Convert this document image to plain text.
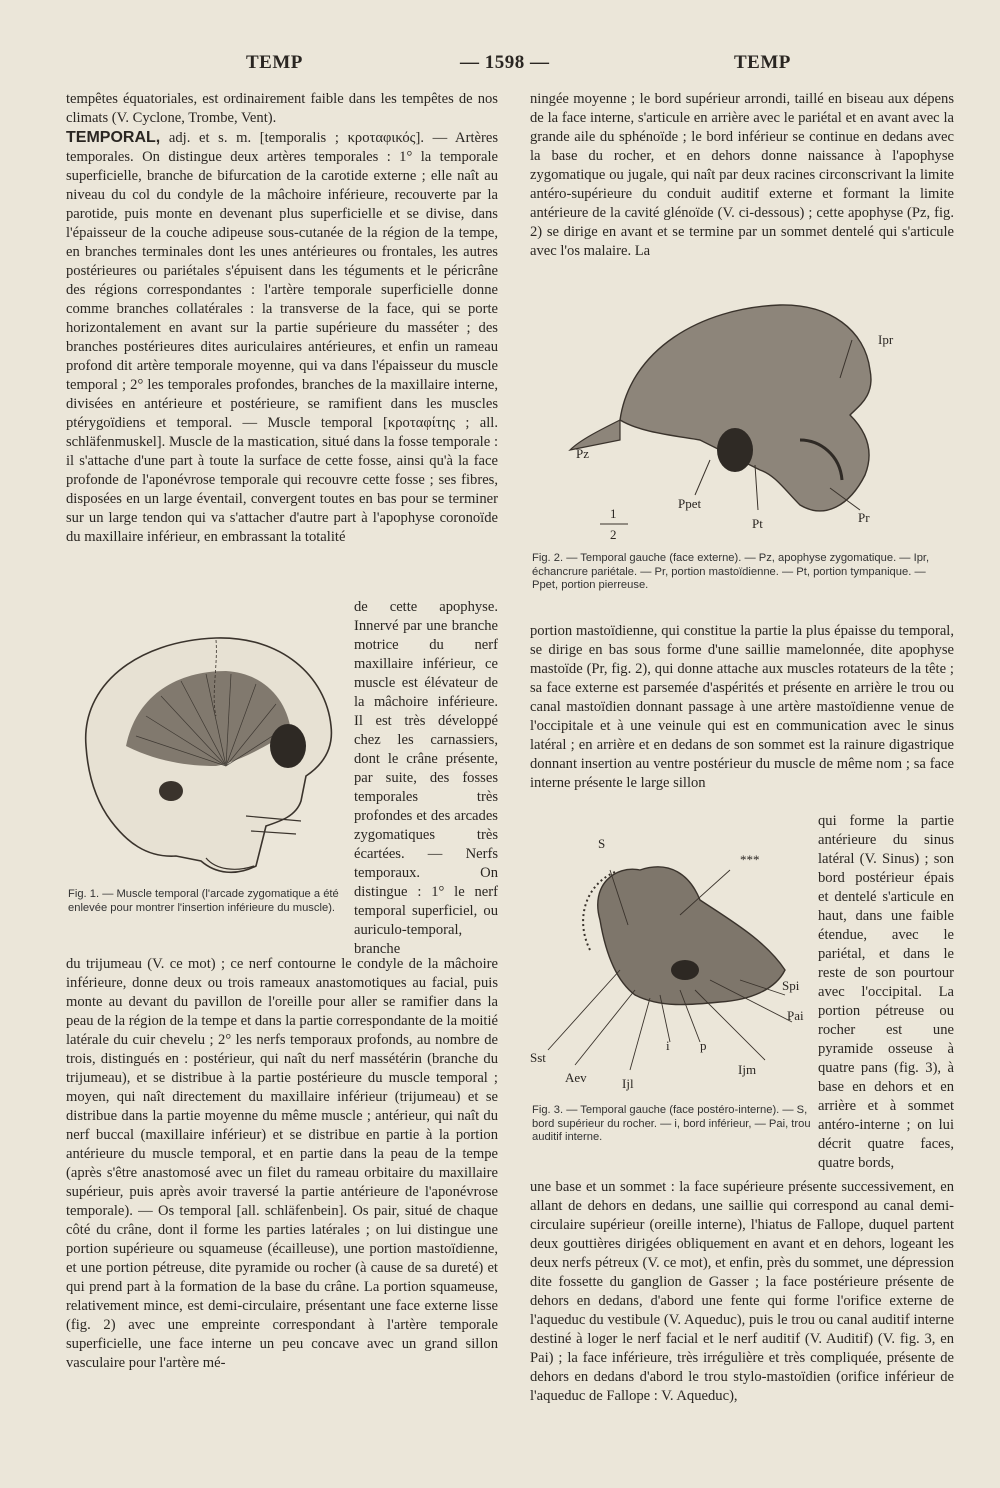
TEMP	— 1598 —	TEMP

tempêtes équatoriales, est ordinairement faible dans les tempêtes de nos climats (V. Cyclone, Trombe, Vent).

TEMPORAL, adj. et s. m. [temporalis ; κροταφικός]. — Artères temporales. On distingue deux artères temporales : 1° la temporale superficielle, branche de bifurcation de la carotide externe ; elle naît au niveau du col du condyle de la mâchoire inférieure, recouverte par la parotide, puis monte en devenant plus superficielle et se divise, dans l'épaisseur de la couche adipeuse sous-cutanée de la région de la tempe, en branches terminales dont les unes antérieures ou frontales, les autres postérieures ou pariétales s'épuisent dans les téguments et le péricrâne des régions correspondantes : l'artère temporale superficielle donne comme branches collatérales : la transverse de la face, qui se porte horizontalement en avant sur la partie supérieure du masséter ; des branches postérieures dites auriculaires antérieures, et enfin un rameau profond dit artère temporale moyenne, qui va dans l'épaisseur du muscle temporal ; 2° les temporales profondes, branches de la maxillaire interne, divisées en antérieure et postérieure, se ramifient dans les muscles ptérygoïdiens et temporal. — Muscle temporal [κροταφίτης ; all. schläfenmuskel]. Muscle de la mastication, situé dans la fosse temporale : il s'attache d'une part à toute la surface de cette fosse, ainsi qu'à la face profonde de l'aponévrose temporale qui recouvre cette fosse ; ses fibres, disposées en un large éventail, convergent toutes en bas pour se terminer sur un large tendon qui va s'attacher d'autre part à l'apophyse coronoïde du maxillaire inférieur, en embrassant la totalité

de cette apophyse. Innervé par une branche motrice du nerf maxillaire inférieur, ce muscle est élévateur de la mâchoire inférieure. Il est très développé chez les carnassiers, dont le crâne présente, par suite, des fosses temporales très profondes et des arcades zygomatiques très écartées. — Nerfs temporaux. On distingue : 1° le nerf temporal superficiel, ou auriculo-temporal, branche
Fig. 1. — Muscle temporal (l'arcade zygomatique a été enlevée pour montrer l'insertion inférieure du muscle).

du trijumeau (V. ce mot) ; ce nerf contourne le condyle de la mâchoire inférieure, donne deux ou trois rameaux anastomotiques au facial, puis monte au devant du pavillon de l'oreille pour aller se ramifier dans la peau de la région de la tempe et dans la partie correspondante de la moitié latérale du cuir chevelu ; 2° les nerfs temporaux profonds, au nombre de trois, distingués en : postérieur, qui naît du nerf massétérin (branche du trijumeau), et se distribue à la partie postérieure du muscle temporal ; moyen, qui naît directement du maxillaire inférieur (trijumeau) et se distribue dans la partie moyenne du même muscle ; antérieur, qui naît du nerf buccal (maxillaire inférieur) et se distribue en partie à la portion antérieure du muscle temporal, et en partie dans la peau de la tempe (après s'être anastomosé avec un filet du rameau orbitaire du maxillaire supérieur, puis après avoir traversé la partie antérieure de l'aponévrose temporale). — Os temporal [all. schläfenbein]. Os pair, situé de chaque côté du crâne, dont il forme les parties latérales ; on lui distingue une portion supérieure ou squameuse (écailleuse), une portion mastoïdienne, et une portion pétreuse, dite pyramide ou rocher (à cause de sa dureté) et qui prend part à la formation de la base du crâne. La portion squameuse, relativement mince, est demi-circulaire, présentant une face externe lisse (fig. 2) avec une empreinte correspondant à l'artère temporale superficielle, une face interne un peu concave avec un grand sillon vasculaire pour l'artère mé-

ningée moyenne ; le bord supérieur arrondi, taillé en biseau aux dépens de la face interne, s'articule en arrière avec le pariétal et en avant avec la grande aile du sphénoïde ; le bord inférieur se continue en dedans avec la base du rocher, et en dehors donne naissance à l'apophyse zygomatique ou jugale, qui naît par deux racines circonscrivant la limite antéro-supérieure du conduit auditif externe et formant la limite antérieure de la cavité glénoïde (V. ci-dessous) ; cette apophyse (Pz, fig. 2) se dirige en avant et se termine par un sommet dentelé qui s'articule avec l'os malaire. La

Ipr
Pz
Ppet
Pt	Pr
1
2
Fig. 2. — Temporal gauche (face externe). — Pz, apophyse zygomatique. — Ipr, échancrure pariétale. — Pr, portion mastoïdienne. — Pt, portion tympanique. — Ppet, portion pierreuse.

portion mastoïdienne, qui constitue la partie la plus épaisse du temporal, se dirige en bas sous forme d'une saillie mamelonnée, dite apophyse mastoïde (Pr, fig. 2), qui donne attache aux muscles rotateurs de la tête ; sa face externe est parsemée d'aspérités et présente en arrière le trou ou canal mastoïdien donnant passage à une artère mastoïdienne venue de l'occipitale et à une veinule qui est en communication avec le sinus latéral ; en arrière et en dedans de son sommet est la rainure digastrique donnant insertion au ventre postérieur du muscle de même nom ; sa face interne présente le large sillon

S
***
Spi
Pai
Ijm
p
i
Ijl
Aev
Sst
qui forme la partie antérieure du sinus latéral (V. Sinus) ; son bord postérieur épais et dentelé s'articule en haut, dans une faible étendue, avec le pariétal, et dans le reste de son pourtour avec l'occipital. La portion pétreuse ou rocher est une pyramide osseuse à quatre pans (fig. 3), à base en dehors et en arrière et à sommet antéro-interne ; on lui décrit quatre faces, quatre bords,
Fig. 3. — Temporal gauche (face postéro-interne). — S, bord supérieur du rocher. — i, bord inférieur, — Pai, trou auditif interne.

une base et un sommet : la face supérieure présente successivement, en allant de dehors en dedans, une saillie qui correspond au canal demi-circulaire supérieur (oreille interne), l'hiatus de Fallope, duquel partent deux gouttières dirigées obliquement en avant et en dehors, logeant les deux nerfs pétreux (V. ce mot), et enfin, près du sommet, une dépression dite fossette du ganglion de Gasser ; la face postérieure présente de dehors en dedans, d'abord une fente qui forme l'orifice externe de l'aqueduc du vestibule (V. Aqueduc), puis le trou ou canal auditif interne destiné à loger le nerf facial et le nerf auditif (V. Auditif) (V. fig. 3, en Pai) ; la face inférieure, très irrégulière et très compliquée, présente de dehors en dedans d'abord le trou stylo-mastoïdien (orifice inférieur de l'aqueduc de Fallope : V. Aqueduc),
